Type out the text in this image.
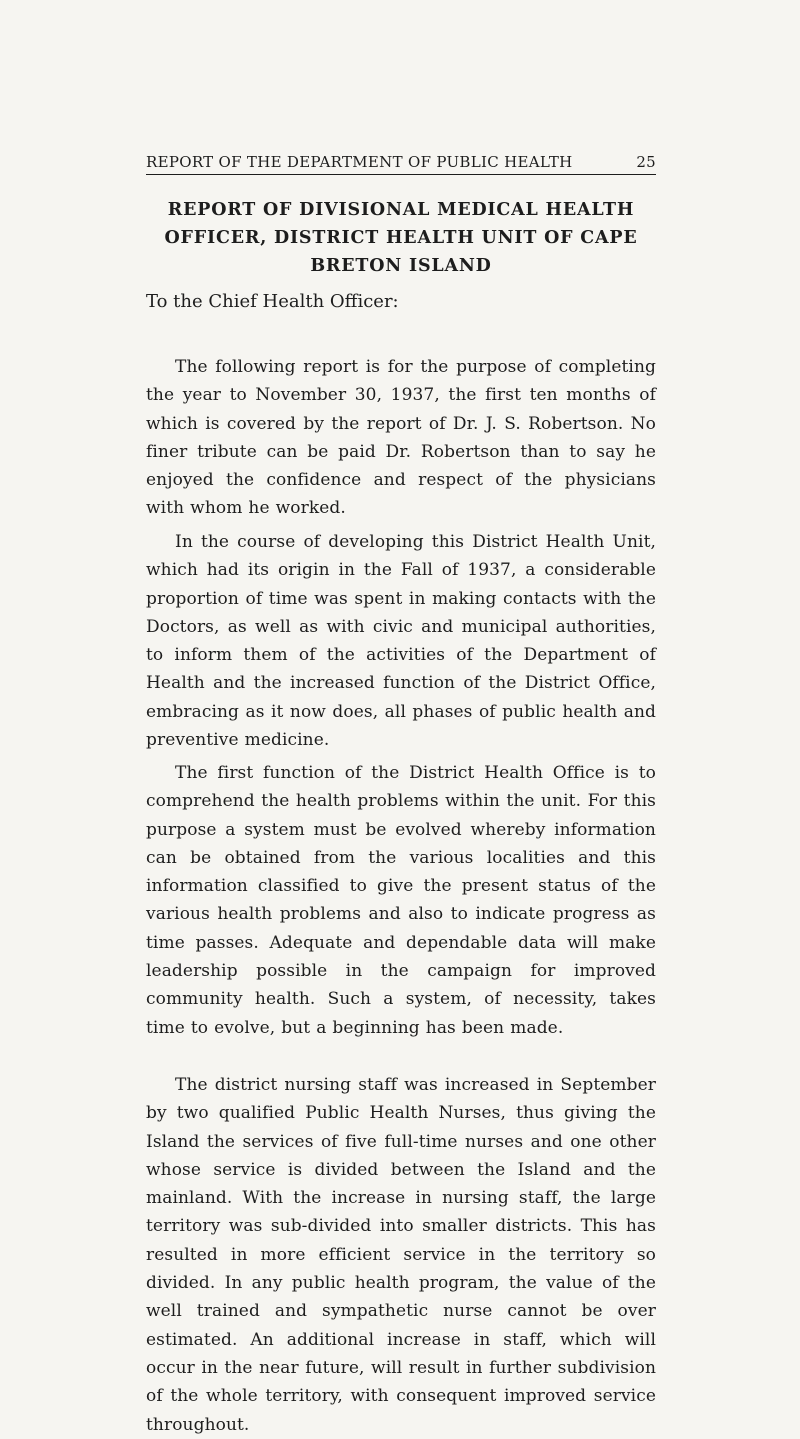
REPORT OF THE DEPARTMENT OF PUBLIC HEALTH	25
REPORT OF DIVISIONAL MEDICAL HEALTH
OFFICER, DISTRICT HEALTH UNIT OF CAPE
BRETON ISLAND
To the Chief Health Officer:

The following report is for the purpose of completing the year to November 30, 1937, the first ten months of which is covered by the report of Dr. J. S. Robertson. No finer tribute can be paid Dr. Robertson than to say he enjoyed the confidence and respect of the physicians with whom he worked.

In the course of developing this District Health Unit, which had its origin in the Fall of 1937, a considerable proportion of time was spent in making contacts with the Doctors, as well as with civic and municipal authorities, to inform them of the activities of the Department of Health and the increased function of the District Office, embracing as it now does, all phases of public health and preventive medicine.

The first function of the District Health Office is to comprehend the health problems within the unit. For this purpose a system must be evolved whereby information can be obtained from the various localities and this information classified to give the present status of the various health problems and also to indicate progress as time passes. Adequate and dependable data will make leadership possible in the campaign for improved community health. Such a system, of necessity, takes time to evolve, but a beginning has been made.

The district nursing staff was increased in September by two qualified Public Health Nurses, thus giving the Island the services of five full-time nurses and one other whose service is divided between the Island and the mainland. With the increase in nursing staff, the large territory was sub-divided into smaller districts. This has resulted in more efficient service in the territory so divided. In any public health program, the value of the well trained and sympathetic nurse cannot be over estimated. An additional increase in staff, which will occur in the near future, will result in further subdivision of the whole territory, with consequent improved service throughout.
